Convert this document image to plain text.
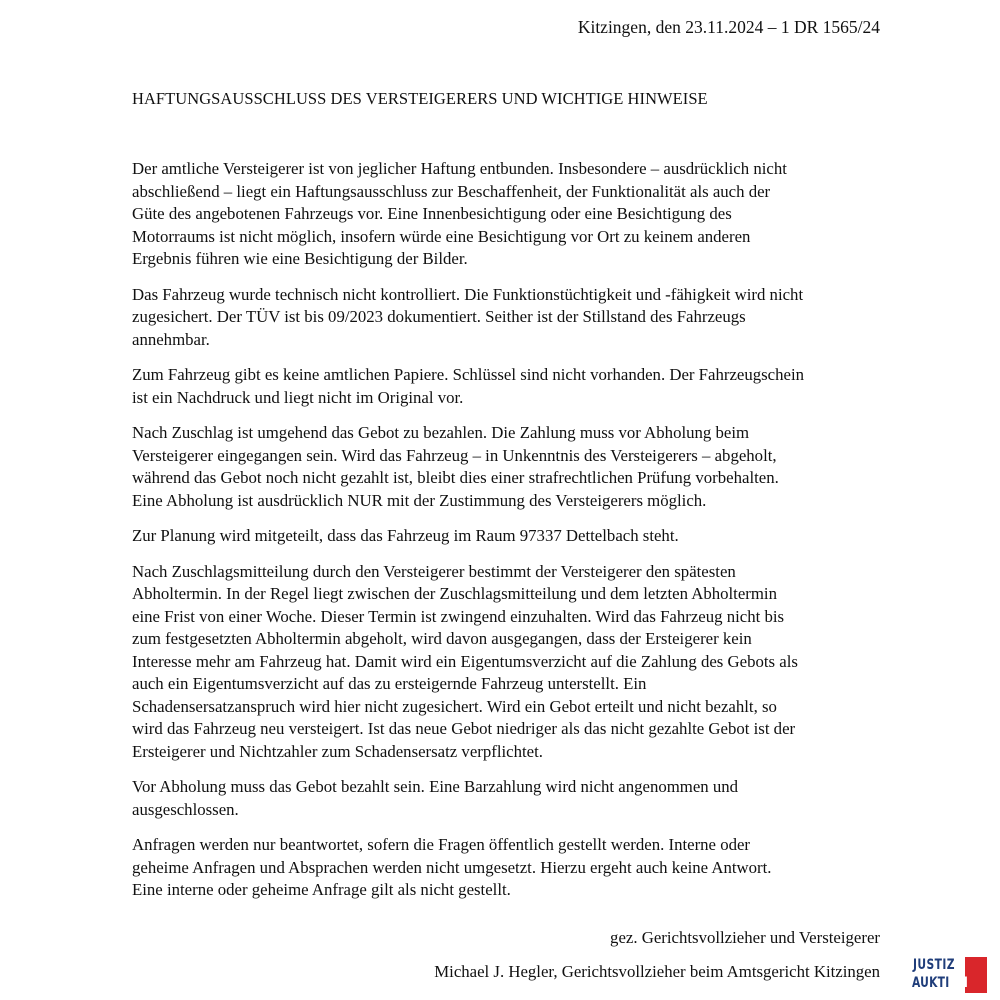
Kitzingen, den 23.11.2024 – 1 DR 1565/24
HAFTUNGSAUSSCHLUSS DES VERSTEIGERERS UND WICHTIGE HINWEISE

Der amtliche Versteigerer ist von jeglicher Haftung entbunden. Insbesondere – ausdrücklich nicht
abschließend – liegt ein Haftungsausschluss zur Beschaffenheit, der Funktionalität als auch der
Güte des angebotenen Fahrzeugs vor. Eine Innenbesichtigung oder eine Besichtigung des
Motorraums ist nicht möglich, insofern würde eine Besichtigung vor Ort zu keinem anderen
Ergebnis führen wie eine Besichtigung der Bilder.

Das Fahrzeug wurde technisch nicht kontrolliert. Die Funktionstüchtigkeit und -fähigkeit wird nicht
zugesichert. Der TÜV ist bis 09/2023 dokumentiert. Seither ist der Stillstand des Fahrzeugs
annehmbar.

Zum Fahrzeug gibt es keine amtlichen Papiere. Schlüssel sind nicht vorhanden. Der Fahrzeugschein
ist ein Nachdruck und liegt nicht im Original vor.

Nach Zuschlag ist umgehend das Gebot zu bezahlen. Die Zahlung muss vor Abholung beim
Versteigerer eingegangen sein. Wird das Fahrzeug – in Unkenntnis des Versteigerers – abgeholt,
während das Gebot noch nicht gezahlt ist, bleibt dies einer strafrechtlichen Prüfung vorbehalten.
Eine Abholung ist ausdrücklich NUR mit der Zustimmung des Versteigerers möglich.

Zur Planung wird mitgeteilt, dass das Fahrzeug im Raum 97337 Dettelbach steht.

Nach Zuschlagsmitteilung durch den Versteigerer bestimmt der Versteigerer den spätesten
Abholtermin. In der Regel liegt zwischen der Zuschlagsmitteilung und dem letzten Abholtermin
eine Frist von einer Woche. Dieser Termin ist zwingend einzuhalten. Wird das Fahrzeug nicht bis
zum festgesetzten Abholtermin abgeholt, wird davon ausgegangen, dass der Ersteigerer kein
Interesse mehr am Fahrzeug hat. Damit wird ein Eigentumsverzicht auf die Zahlung des Gebots als
auch ein Eigentumsverzicht auf das zu ersteigernde Fahrzeug unterstellt. Ein
Schadensersatzanspruch wird hier nicht zugesichert. Wird ein Gebot erteilt und nicht bezahlt, so
wird das Fahrzeug neu versteigert. Ist das neue Gebot niedriger als das nicht gezahlte Gebot ist der
Ersteigerer und Nichtzahler zum Schadensersatz verpflichtet.

Vor Abholung muss das Gebot bezahlt sein. Eine Barzahlung wird nicht angenommen und
ausgeschlossen.

Anfragen werden nur beantwortet, sofern die Fragen öffentlich gestellt werden. Interne oder
geheime Anfragen und Absprachen werden nicht umgesetzt. Hierzu ergeht auch keine Antwort.
Eine interne oder geheime Anfrage gilt als nicht gestellt.

gez. Gerichtsvollzieher und Versteigerer
Michael J. Hegler, Gerichtsvollzieher beim Amtsgericht Kitzingen JUSTIZ
AUKTION
